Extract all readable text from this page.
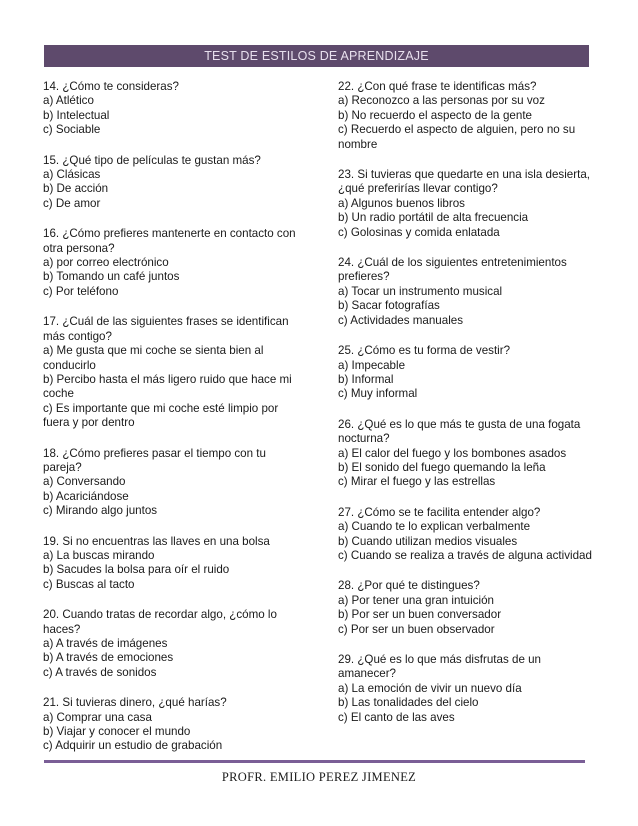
TEST DE ESTILOS DE APRENDIZAJE
14. ¿Cómo te consideras?
a) Atlético
b) Intelectual
c) Sociable
15. ¿Qué tipo de películas te gustan más?
a) Clásicas
b) De acción
c) De amor
16. ¿Cómo prefieres mantenerte en contacto con otra persona?
a) por correo electrónico
b) Tomando un café juntos
c) Por teléfono
17. ¿Cuál de las siguientes frases se identifican más contigo?
a) Me gusta que mi coche se sienta bien al conducirlo
b) Percibo hasta el más ligero ruido que hace mi coche
c) Es importante que mi coche esté limpio por fuera y por dentro
18. ¿Cómo prefieres pasar el tiempo con tu pareja?
a) Conversando
b) Acariciándose
c) Mirando algo juntos
19. Si no encuentras las llaves en una bolsa
a) La buscas mirando
b) Sacudes la bolsa para oír el ruido
c) Buscas al tacto
20. Cuando tratas de recordar algo, ¿cómo lo haces?
a) A través de imágenes
b) A través de emociones
c) A través de sonidos
21. Si tuvieras dinero, ¿qué harías?
a) Comprar una casa
b) Viajar y conocer el mundo
c) Adquirir un estudio de grabación
22. ¿Con qué frase te identificas más?
a) Reconozco a las personas por su voz
b) No recuerdo el aspecto de la gente
c) Recuerdo el aspecto de alguien, pero no su nombre
23. Si tuvieras que quedarte en una isla desierta, ¿qué preferirías llevar contigo?
a) Algunos buenos libros
b) Un radio portátil de alta frecuencia
c) Golosinas y comida enlatada
24. ¿Cuál de los siguientes entretenimientos prefieres?
a) Tocar un instrumento musical
b) Sacar fotografías
c) Actividades manuales
25. ¿Cómo es tu forma de vestir?
a) Impecable
b) Informal
c) Muy informal
26. ¿Qué es lo que más te gusta de una fogata nocturna?
a) El calor del fuego y los bombones asados
b) El sonido del fuego quemando la leña
c) Mirar el fuego y las estrellas
27. ¿Cómo se te facilita entender algo?
a) Cuando te lo explican verbalmente
b) Cuando utilizan medios visuales
c) Cuando se realiza a través de alguna actividad
28. ¿Por qué te distingues?
a) Por tener una gran intuición
b) Por ser un buen conversador
c) Por ser un buen observador
29. ¿Qué es lo que más disfrutas de un amanecer?
a) La emoción de vivir un nuevo día
b) Las tonalidades del cielo
c) El canto de las aves
PROFR. EMILIO PEREZ JIMENEZ
